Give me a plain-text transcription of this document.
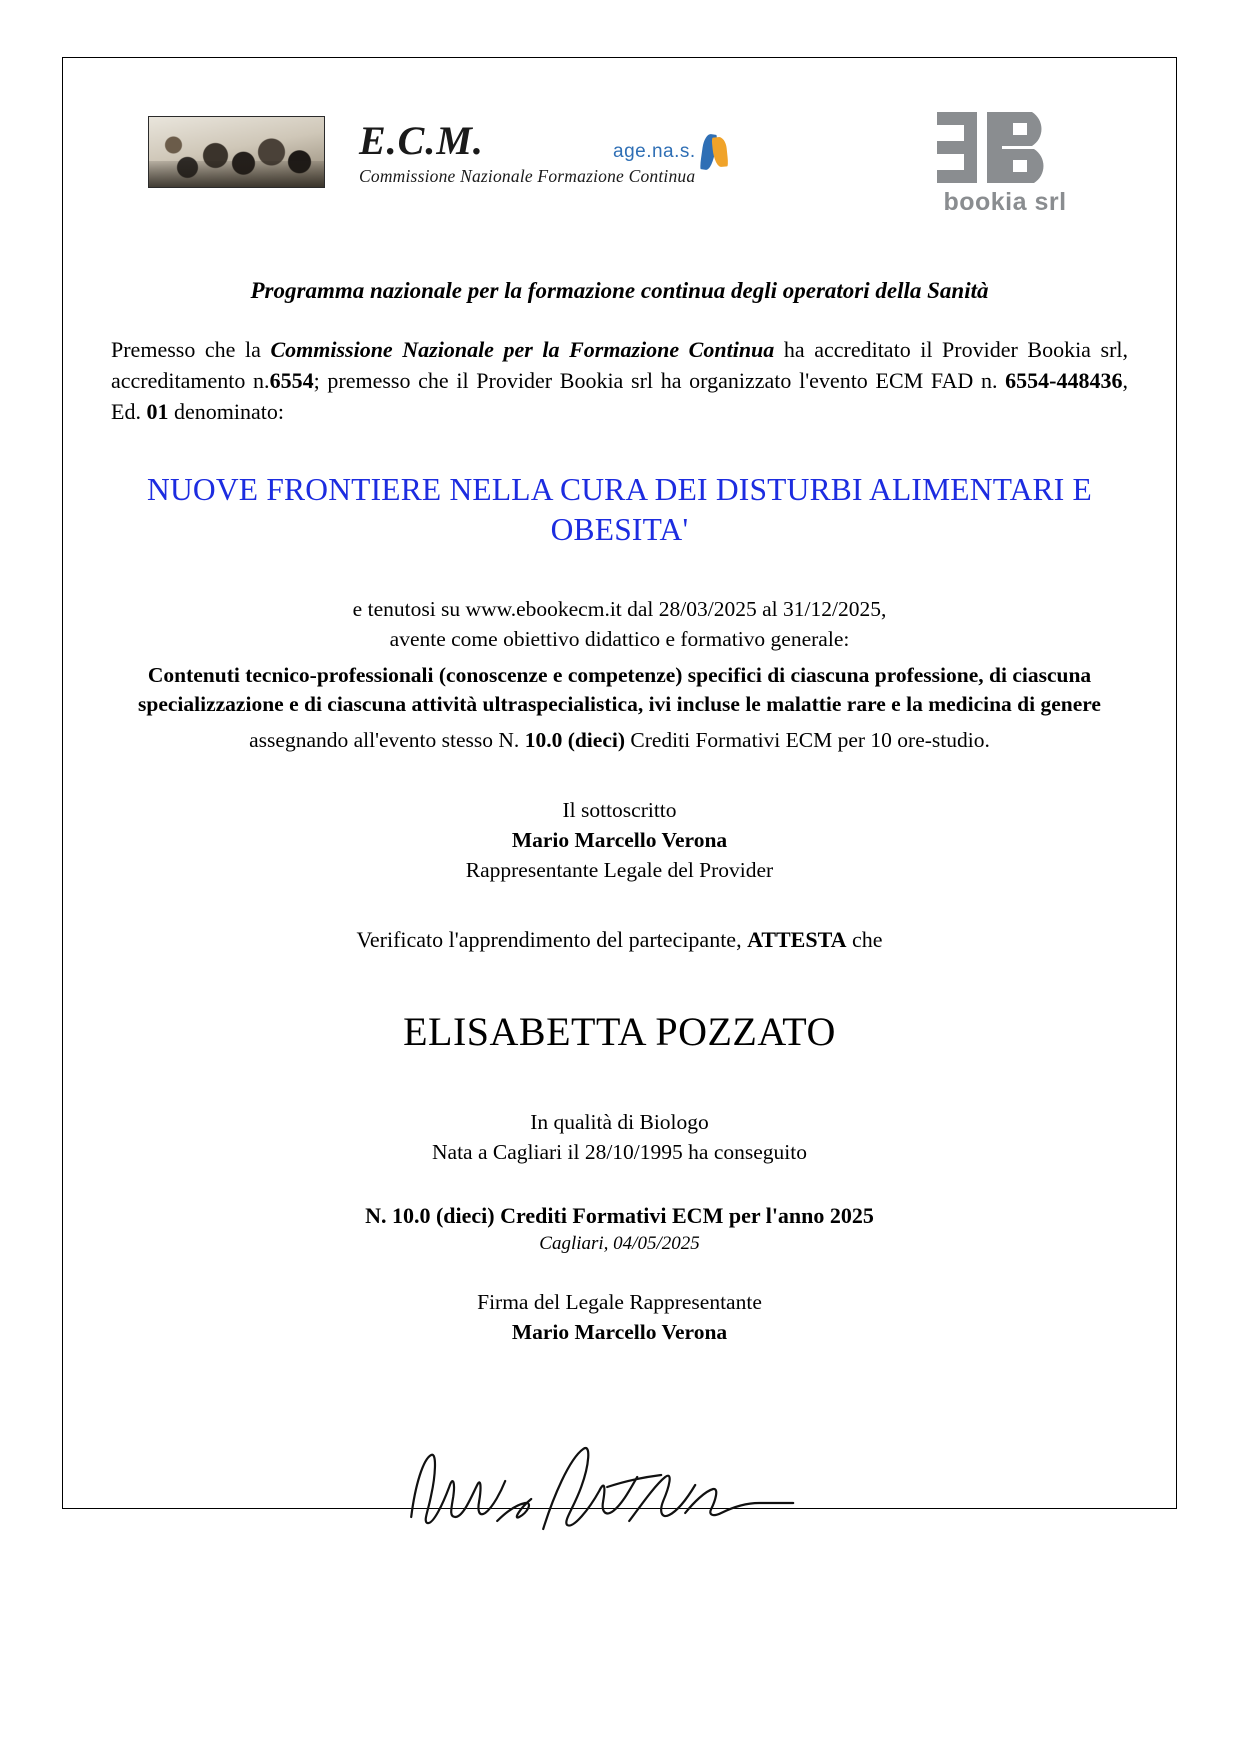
E.C.M.
Commissione Nazionale Formazione Continua
age.na.s.
bookia srl
Programma nazionale per la formazione continua degli operatori della Sanità
Premesso che la Commissione Nazionale per la Formazione Continua ha accreditato il Provider Bookia srl, accreditamento n.6554; premesso che il Provider Bookia srl ha organizzato l'evento ECM FAD n. 6554-448436, Ed. 01 denominato:
NUOVE FRONTIERE NELLA CURA DEI DISTURBI ALIMENTARI E OBESITA'
e tenutosi su www.ebookecm.it dal 28/03/2025 al 31/12/2025,
avente come obiettivo didattico e formativo generale:
Contenuti tecnico-professionali (conoscenze e competenze) specifici di ciascuna professione, di ciascuna specializzazione e di ciascuna attività ultraspecialistica, ivi incluse le malattie rare e la medicina di genere
assegnando all'evento stesso N. 10.0 (dieci) Crediti Formativi ECM per 10 ore-studio.
Il sottoscritto
Mario Marcello Verona
Rappresentante Legale del Provider
Verificato l'apprendimento del partecipante, ATTESTA che
ELISABETTA POZZATO
In qualità di Biologo
Nata a Cagliari il 28/10/1995 ha conseguito
N. 10.0 (dieci) Crediti Formativi ECM per l'anno 2025
Cagliari, 04/05/2025
Firma del Legale Rappresentante
Mario Marcello Verona
